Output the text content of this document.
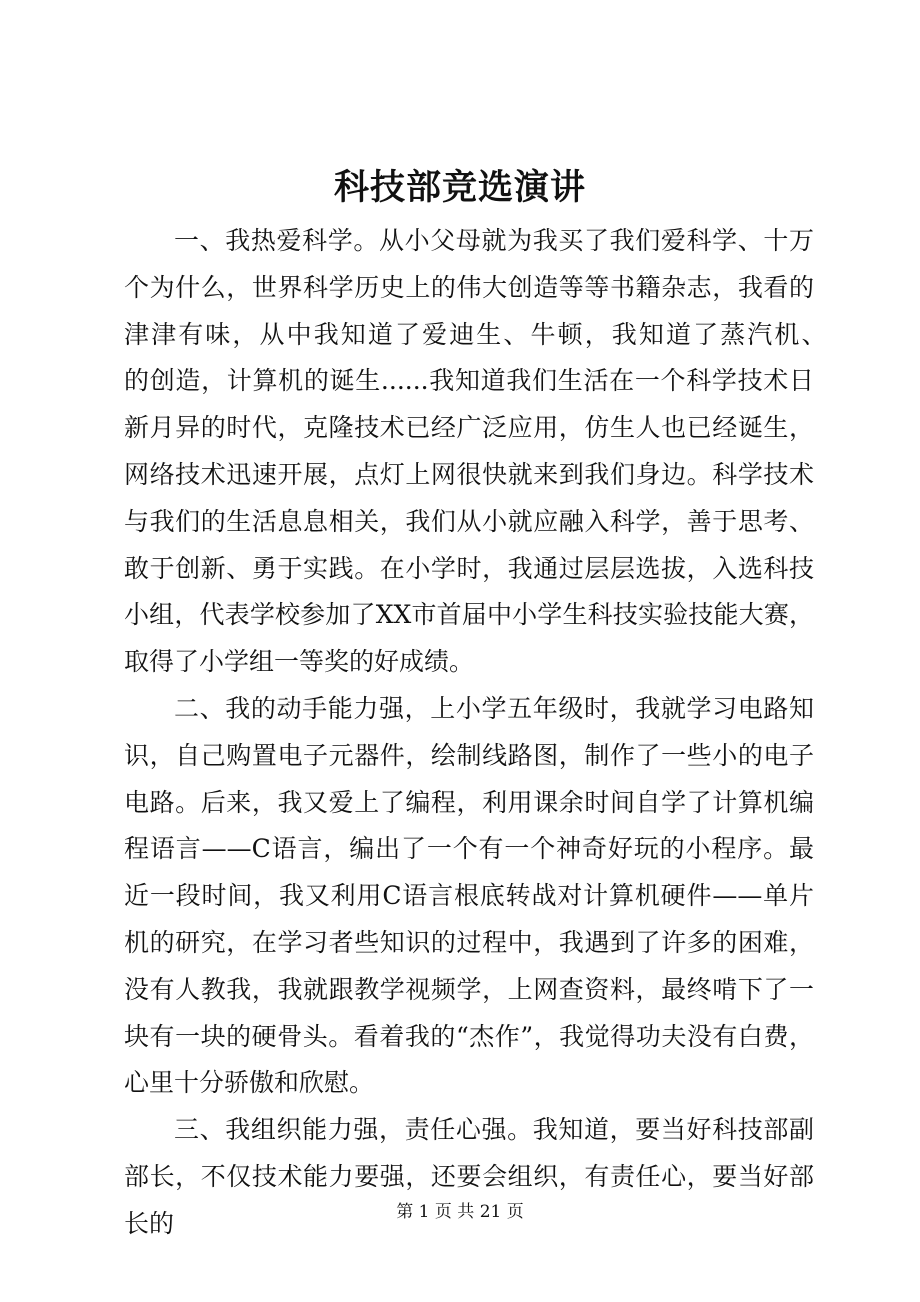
科技部竞选演讲

一、我热爱科学。从小父母就为我买了我们爱科学、十万个为什么，世界科学历史上的伟大创造等等书籍杂志，我看的津津有味，从中我知道了爱迪生、牛顿，我知道了蒸汽机、　 的创造，计算机的诞生......我知道我们生活在一个科学技术日新月异的时代，克隆技术已经广泛应用，仿生人也已经诞生，网络技术迅速开展，点灯上网很快就来到我们身边。科学技术与我们的生活息息相关，我们从小就应融入科学，善于思考、敢于创新、勇于实践。在小学时，我通过层层选拔，入选科技小组，代表学校参加了XX市首届中小学生科技实验技能大赛，取得了小学组一等奖的好成绩。

二、我的动手能力强，上小学五年级时，我就学习电路知识，自己购置电子元器件，绘制线路图，制作了一些小的电子电路。后来，我又爱上了编程，利用课余时间自学了计算机编程语言——C语言，编出了一个有一个神奇好玩的小程序。最近一段时间，我又利用C语言根底转战对计算机硬件——单片机的研究，在学习者些知识的过程中，我遇到了许多的困难，没有人教我，我就跟教学视频学，上网查资料，最终啃下了一块有一块的硬骨头。看着我的“杰作”，我觉得功夫没有白费，心里十分骄傲和欣慰。

三、我组织能力强，责任心强。我知道，要当好科技部副部长，不仅技术能力要强，还要会组织，有责任心，要当好部长的	第 1 页 共 21 页
